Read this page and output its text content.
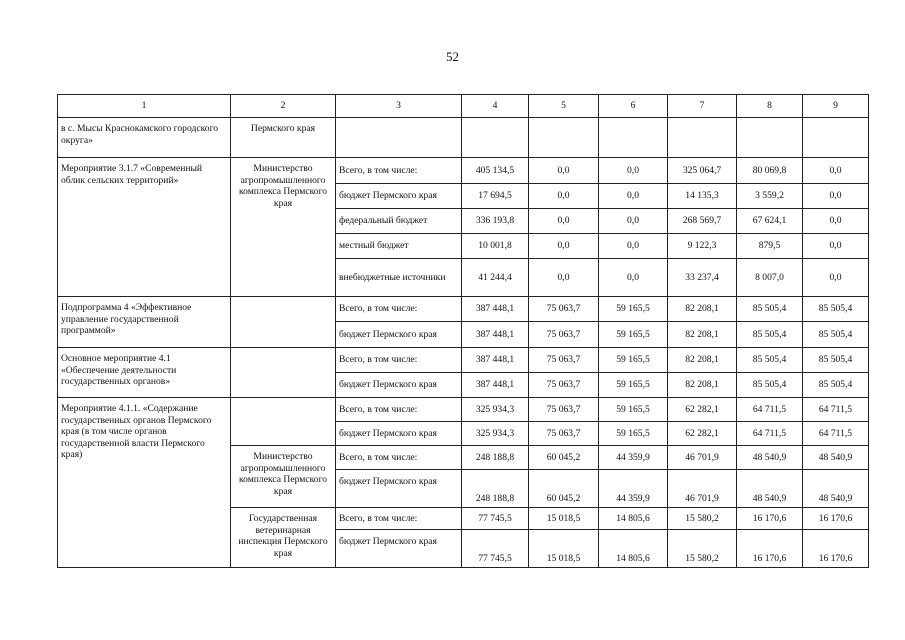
52
1	2	3	4	5	6	7	8	9
в с. Мысы Краснокамского городского округа»	Пермского края							
Мероприятие 3.1.7 «Современный облик сельских территорий»	Министерство агропромышленного комплекса Пермского края	Всего, в том числе:	405 134,5	0,0	0,0	325 064,7	80 069,8	0,0
		бюджет Пермского края	17 694,5	0,0	0,0	14 135,3	3 559,2	0,0
		федеральный бюджет	336 193,8	0,0	0,0	268 569,7	67 624,1	0,0
		местный бюджет	10 001,8	0,0	0,0	9 122,3	879,5	0,0
		внебюджетные источники	41 244,4	0,0	0,0	33 237,4	8 007,0	0,0
Подпрограмма 4 «Эффективное управление государственной программой»		Всего, в том числе:	387 448,1	75 063,7	59 165,5	82 208,1	85 505,4	85 505,4
		бюджет Пермского края	387 448,1	75 063,7	59 165,5	82 208,1	85 505,4	85 505,4
Основное мероприятие 4.1 «Обеспечение деятельности государственных органов»		Всего, в том числе:	387 448,1	75 063,7	59 165,5	82 208,1	85 505,4	85 505,4
		бюджет Пермского края	387 448,1	75 063,7	59 165,5	82 208,1	85 505,4	85 505,4
Мероприятие 4.1.1. «Содержание государственных органов Пермского края (в том числе органов государственной власти Пермского края)		Всего, в том числе:	325 934,3	75 063,7	59 165,5	62 282,1	64 711,5	64 711,5
		бюджет Пермского края	325 934,3	75 063,7	59 165,5	62 282,1	64 711,5	64 711,5
	Министерство агропромышленного комплекса Пермского края	Всего, в том числе:	248 188,8	60 045,2	44 359,9	46 701,9	48 540,9	48 540,9
		бюджет Пермского края	248 188,8	60 045,2	44 359,9	46 701,9	48 540,9	48 540,9
	Государственная ветеринарная инспекция Пермского края	Всего, в том числе:	77 745,5	15 018,5	14 805,6	15 580,2	16 170,6	16 170,6
		бюджет Пермского края	77 745,5	15 018,5	14 805,6	15 580,2	16 170,6	16 170,6
